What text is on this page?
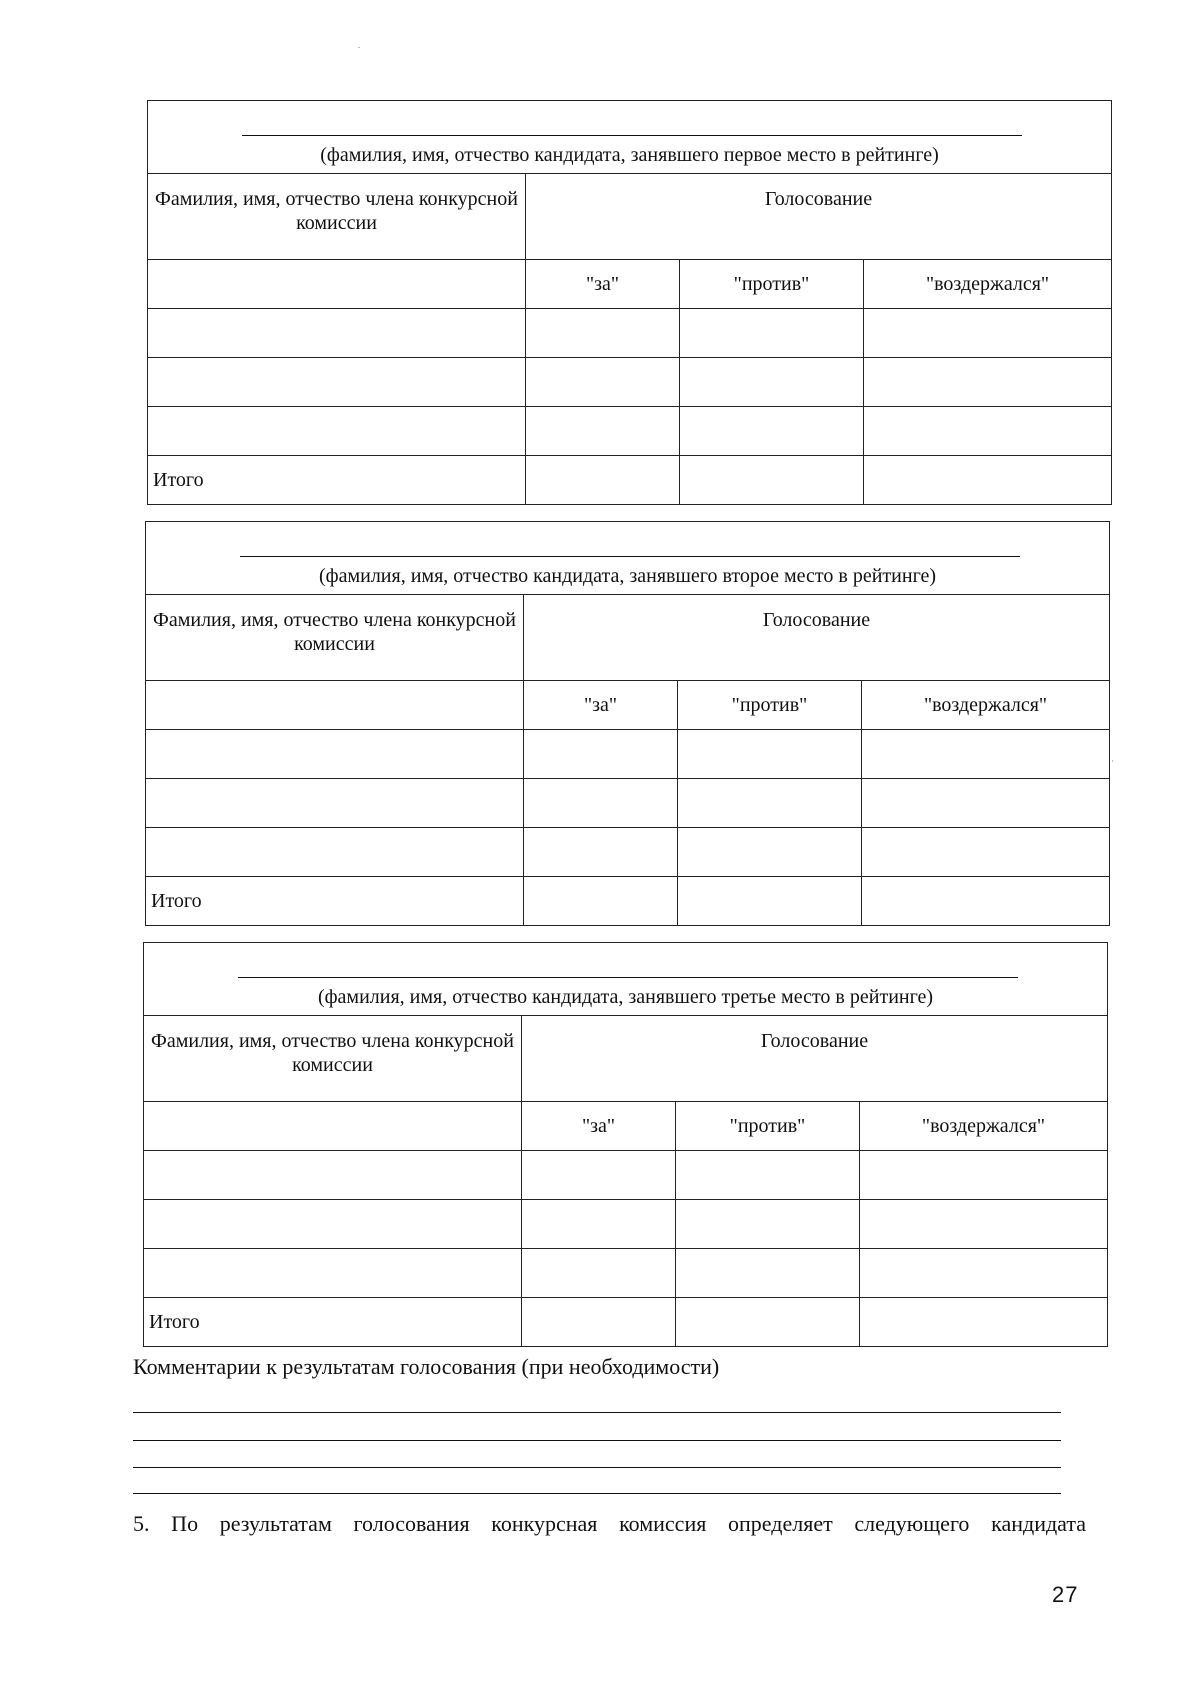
(фамилия, имя, отчество кандидата, занявшего первое место в рейтинге)			

Фамилия, имя, отчество члена конкурсной комиссии	Голосование		
	"за"	"против"	"воздержался"

Итого			
(фамилия, имя, отчество кандидата, занявшего второе место в рейтинге)			

Фамилия, имя, отчество члена конкурсной комиссии	Голосование		
	"за"	"против"	"воздержался"

Итого			
(фамилия, имя, отчество кандидата, занявшего третье место в рейтинге)			

Фамилия, имя, отчество члена конкурсной комиссии	Голосование		
	"за"	"против"	"воздержался"

Итого			
Комментарии к результатам голосования (при необходимости)
5. По результатам голосования конкурсная комиссия определяет следующего кандидата
27
